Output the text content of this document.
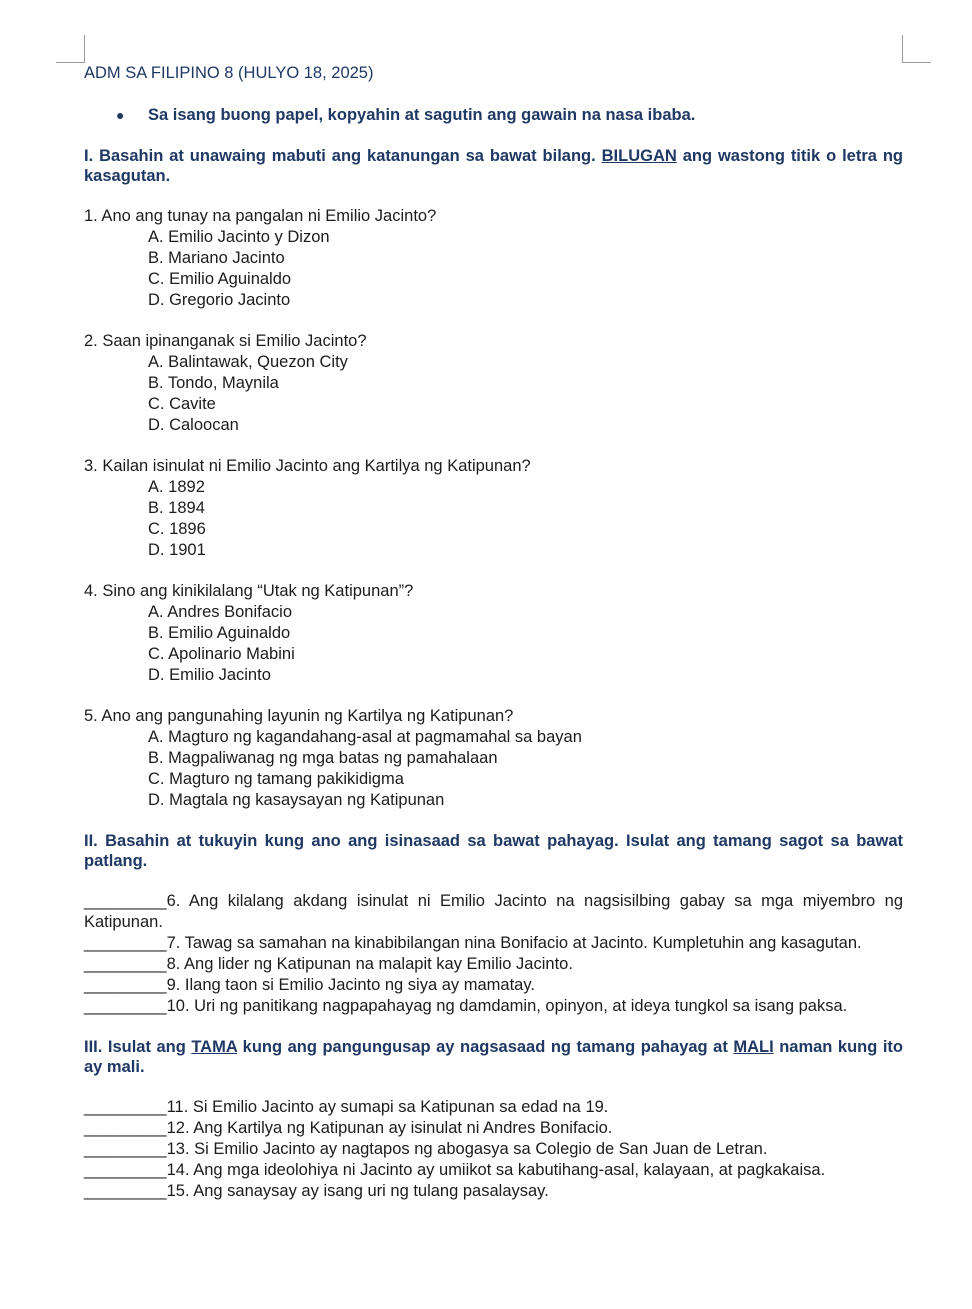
ADM SA FILIPINO 8 (HULYO 18, 2025)

●	Sa isang buong papel, kopyahin at sagutin ang gawain na nasa ibaba.

I. Basahin at unawaing mabuti ang katanungan sa bawat bilang. BILUGAN ang wastong titik o letra ng kasagutan.

1. Ano ang tunay na pangalan ni Emilio Jacinto?
A. Emilio Jacinto y Dizon
B. Mariano Jacinto
C. Emilio Aguinaldo
D. Gregorio Jacinto
2. Saan ipinanganak si Emilio Jacinto?
A. Balintawak, Quezon City
B. Tondo, Maynila
C. Cavite
D. Caloocan
3. Kailan isinulat ni Emilio Jacinto ang Kartilya ng Katipunan?
A. 1892
B. 1894
C. 1896
D. 1901
4. Sino ang kinikilalang “Utak ng Katipunan”?
A. Andres Bonifacio
B. Emilio Aguinaldo
C. Apolinario Mabini
D. Emilio Jacinto
5. Ano ang pangunahing layunin ng Kartilya ng Katipunan?
A. Magturo ng kagandahang-asal at pagmamahal sa bayan
B. Magpaliwanag ng mga batas ng pamahalaan
C. Magturo ng tamang pakikidigma
D. Magtala ng kasaysayan ng Katipunan

II. Basahin at tukuyin kung ano ang isinasaad sa bawat pahayag. Isulat ang tamang sagot sa bawat patlang.

_________6. Ang kilalang akdang isinulat ni Emilio Jacinto na nagsisilbing gabay sa mga miyembro ng Katipunan.
_________7. Tawag sa samahan na kinabibilangan nina Bonifacio at Jacinto. Kumpletuhin ang kasagutan.
_________8. Ang lider ng Katipunan na malapit kay Emilio Jacinto.
_________9. Ilang taon si Emilio Jacinto ng siya ay mamatay.
_________10. Uri ng panitikang nagpapahayag ng damdamin, opinyon, at ideya tungkol sa isang paksa.

III. Isulat ang TAMA kung ang pangungusap ay nagsasaad ng tamang pahayag at MALI naman kung ito ay mali.

_________11. Si Emilio Jacinto ay sumapi sa Katipunan sa edad na 19.
_________12. Ang Kartilya ng Katipunan ay isinulat ni Andres Bonifacio.
_________13. Si Emilio Jacinto ay nagtapos ng abogasya sa Colegio de San Juan de Letran.
_________14. Ang mga ideolohiya ni Jacinto ay umiikot sa kabutihang-asal, kalayaan, at pagkakaisa.
_________15. Ang sanaysay ay isang uri ng tulang pasalaysay.
